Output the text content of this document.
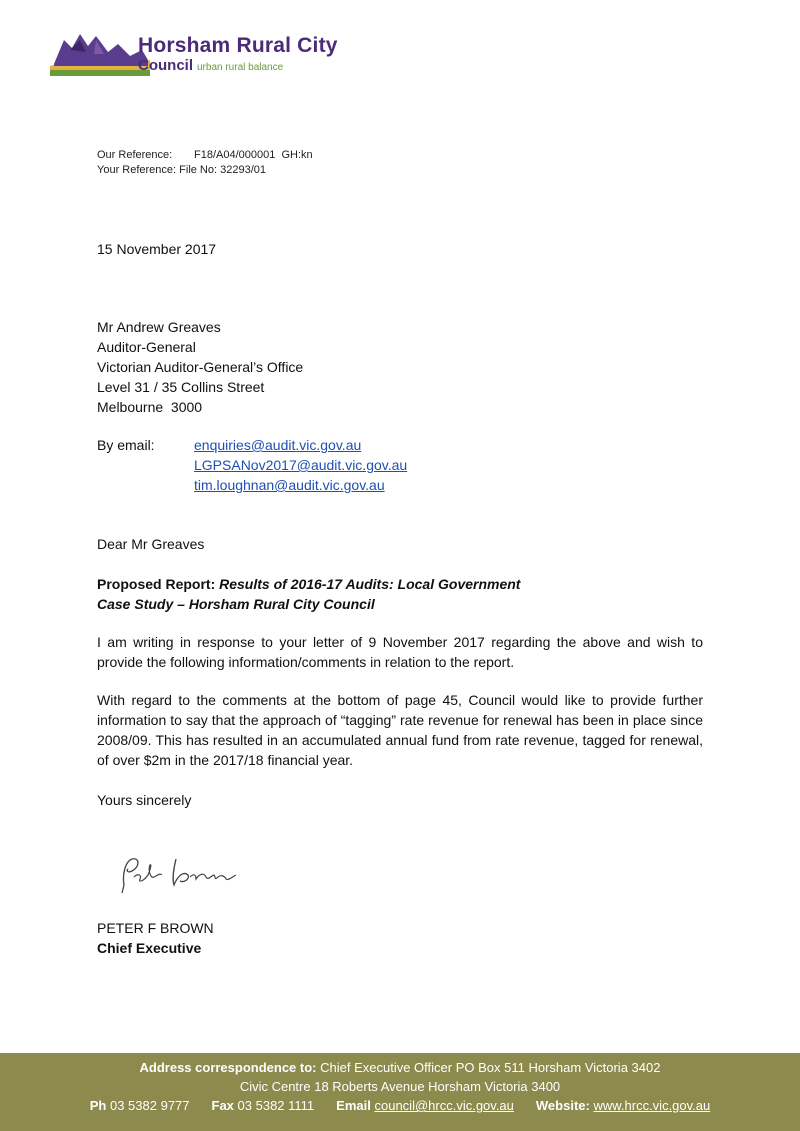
Horsham Rural City
Council urban rural balance
Our Reference: F18/A04/000001  GH:kn
Your Reference: File No: 32293/01
15 November 2017
Mr Andrew Greaves
Auditor-General
Victorian Auditor-General’s Office
Level 31 / 35 Collins Street
Melbourne  3000
By email:	enquiries@audit.vic.gov.au
LGPSANov2017@audit.vic.gov.au
tim.loughnan@audit.vic.gov.au
Dear Mr Greaves
Proposed Report: Results of 2016-17 Audits: Local Government
Case Study – Horsham Rural City Council
I am writing in response to your letter of 9 November 2017 regarding the above and wish to provide the following information/comments in relation to the report.
With regard to the comments at the bottom of page 45, Council would like to provide further information to say that the approach of “tagging” rate revenue for renewal has been in place since 2008/09. This has resulted in an accumulated annual fund from rate revenue, tagged for renewal, of over $2m in the 2017/18 financial year.
Yours sincerely
PETER F BROWN
Chief Executive
Address correspondence to: Chief Executive Officer PO Box 511 Horsham Victoria 3402
Civic Centre 18 Roberts Avenue Horsham Victoria 3400
Ph 03 5382 9777 Fax 03 5382 1111 Email council@hrcc.vic.gov.au Website: www.hrcc.vic.gov.au
